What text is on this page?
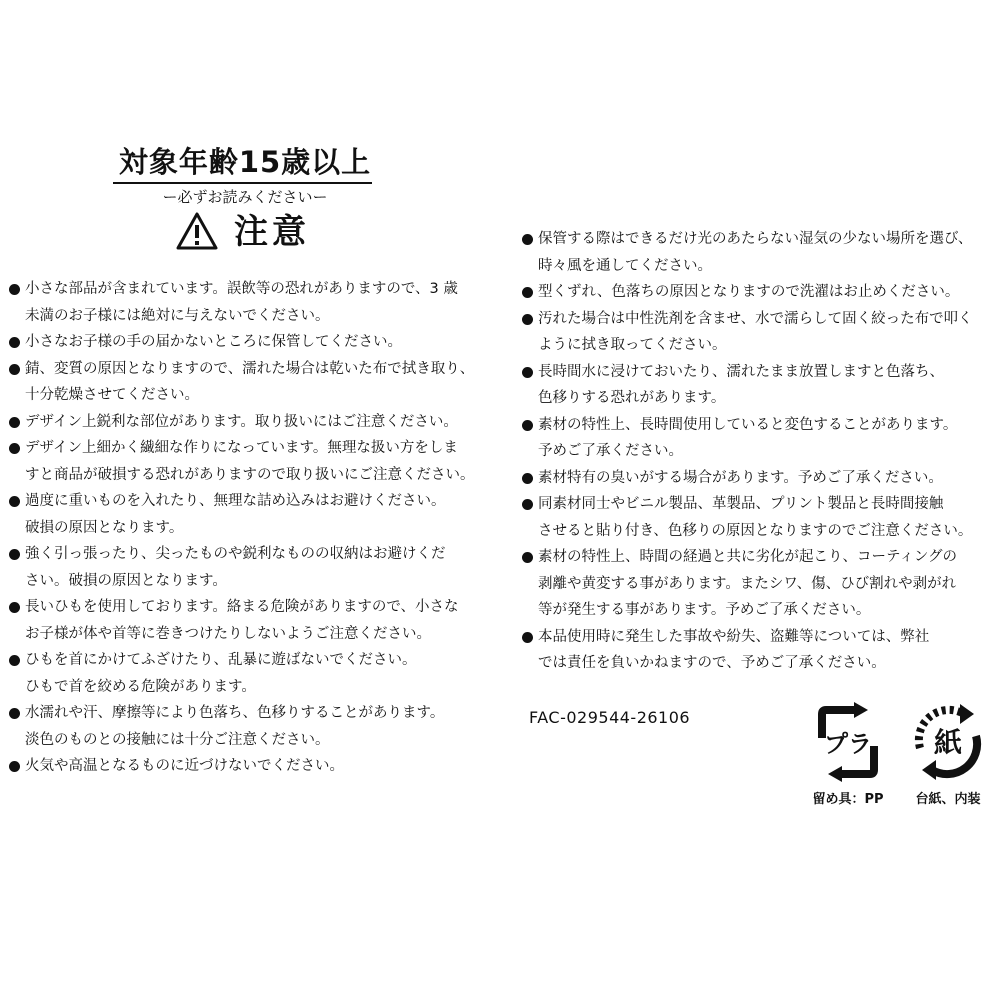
対象年齢15歳以上
ー必ずお読みくださいー
注意
小さな部品が含まれています。誤飲等の恐れがありますので、3 歳
未満のお子様には絶対に与えないでください。
小さなお子様の手の届かないところに保管してください。
錆、変質の原因となりますので、濡れた場合は乾いた布で拭き取り、
十分乾燥させてください。
デザイン上鋭利な部位があります。取り扱いにはご注意ください。
デザイン上細かく繊細な作りになっています。無理な扱い方をしま
すと商品が破損する恐れがありますので取り扱いにご注意ください。
過度に重いものを入れたり、無理な詰め込みはお避けください。
破損の原因となります。
強く引っ張ったり、尖ったものや鋭利なものの収納はお避けくだ
さい。破損の原因となります。
長いひもを使用しております。絡まる危険がありますので、小さな
お子様が体や首等に巻きつけたりしないようご注意ください。
ひもを首にかけてふざけたり、乱暴に遊ばないでください。
ひもで首を絞める危険があります。
水濡れや汗、摩擦等により色落ち、色移りすることがあります。
淡色のものとの接触には十分ご注意ください。
火気や高温となるものに近づけないでください。
保管する際はできるだけ光のあたらない湿気の少ない場所を選び、
時々風を通してください。
型くずれ、色落ちの原因となりますので洗濯はお止めください。
汚れた場合は中性洗剤を含ませ、水で濡らして固く絞った布で叩く
ように拭き取ってください。
長時間水に浸けておいたり、濡れたまま放置しますと色落ち、
色移りする恐れがあります。
素材の特性上、長時間使用していると変色することがあります。
予めご了承ください。
素材特有の臭いがする場合があります。予めご了承ください。
同素材同士やビニル製品、革製品、プリント製品と長時間接触
させると貼り付き、色移りの原因となりますのでご注意ください。
素材の特性上、時間の経過と共に劣化が起こり、コーティングの
剥離や黄変する事があります。またシワ、傷、ひび割れや剥がれ
等が発生する事があります。予めご了承ください。
本品使用時に発生した事故や紛失、盗難等については、弊社
では責任を負いかねますので、予めご了承ください。
FAC-029544-26106
プラ
留め具：PP
紙
台紙、内装
